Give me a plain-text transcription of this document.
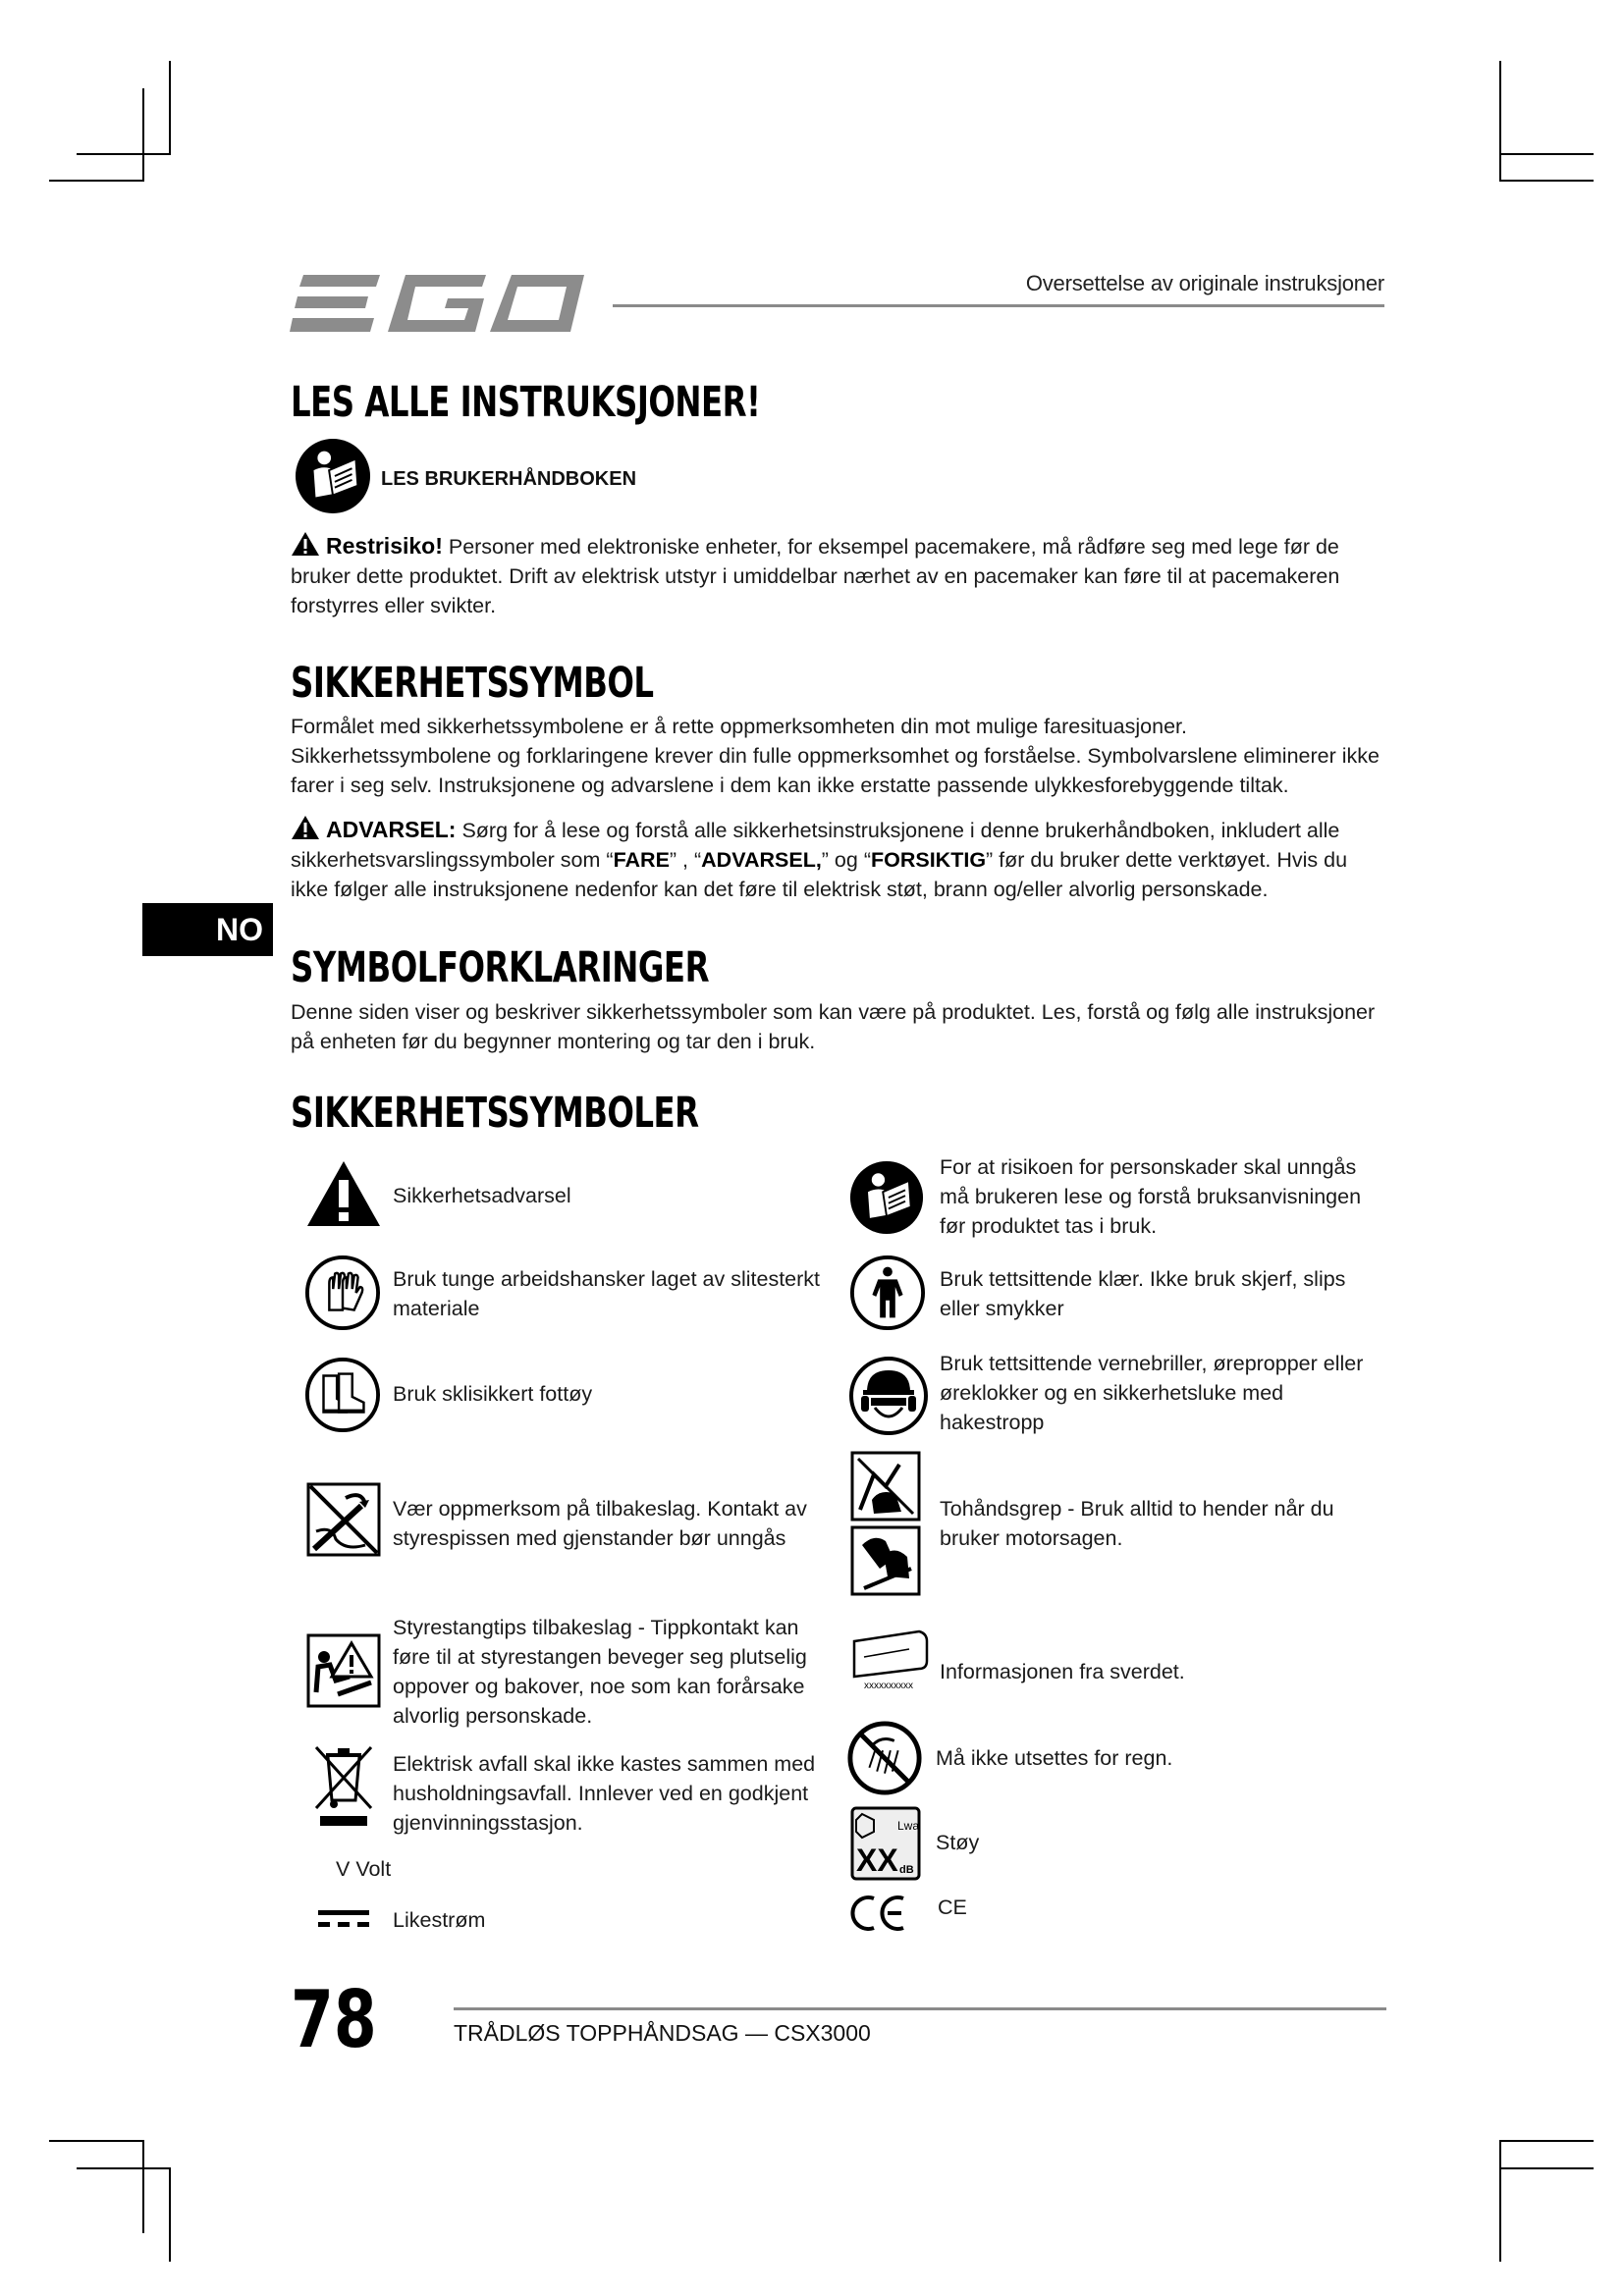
Oversettelse av originale instruksjoner
LES ALLE INSTRUKSJONER!
LES BRUKERHÅNDBOKEN
Restrisiko! Personer med elektroniske enheter, for eksempel pacemakere, må rådføre seg med lege før de bruker dette produktet. Drift av elektrisk utstyr i umiddelbar nærhet av en pacemaker kan føre til at pacemakeren forstyrres eller svikter.
SIKKERHETSSYMBOL
Formålet med sikkerhetssymbolene er å rette oppmerksomheten din mot mulige faresituasjoner. Sikkerhetssymbolene og forklaringene krever din fulle oppmerksomhet og forståelse. Symbolvarslene eliminerer ikke farer i seg selv. Instruksjonene og advarslene i dem kan ikke erstatte passende ulykkesforebyggende tiltak.
ADVARSEL: Sørg for å lese og forstå alle sikkerhetsinstruksjonene i denne brukerhåndboken, inkludert alle sikkerhetsvarslingssymboler som “FARE” , “ADVARSEL,” og “FORSIKTIG” før du bruker dette verktøyet. Hvis du ikke følger alle instruksjonene nedenfor kan det føre til elektrisk støt, brann og/eller alvorlig personskade.
NO
SYMBOLFORKLARINGER
Denne siden viser og beskriver sikkerhetssymboler som kan være på produktet. Les, forstå og følg alle instruksjoner på enheten før du begynner montering og tar den i bruk.
SIKKERHETSSYMBOLER
Sikkerhetsadvarsel
Bruk tunge arbeidshansker laget av slitesterkt materiale
Bruk sklisikkert fottøy
Vær oppmerksom på tilbakeslag. Kontakt av styrespissen med gjenstander bør unngås
Styrestangtips tilbakeslag - Tippkontakt kan føre til at styrestangen beveger seg plutselig oppover og bakover, noe som kan forårsake alvorlig personskade.
Elektrisk avfall skal ikke kastes sammen med husholdningsavfall. Innlever ved en godkjent gjenvinningsstasjon.
V Volt
Likestrøm
For at risikoen for personskader skal unngås må brukeren lese og forstå bruksanvisningen før produktet tas i bruk.
Bruk tettsittende klær. Ikke bruk skjerf, slips eller smykker
Bruk tettsittende vernebriller, ørepropper eller øreklokker og en sikkerhetsluke med hakestropp
Tohåndsgrep - Bruk alltid to hender når du bruker motorsagen.
xxxxxxxxxx
Informasjonen fra sverdet.
Må ikke utsettes for regn.
Lwa
XX dB
Støy
CE
78	TRÅDLØS TOPPHÅNDSAG — CSX3000
